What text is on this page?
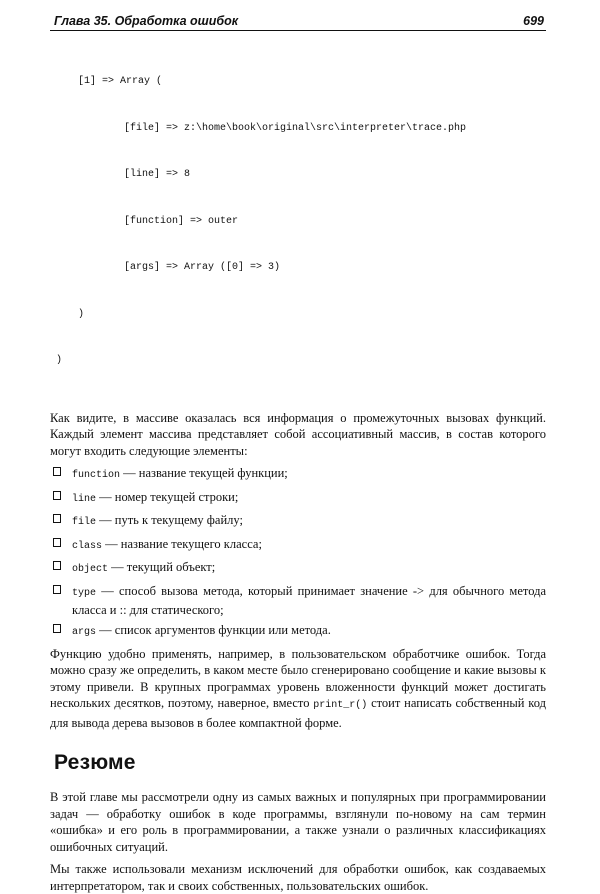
Глава 35. Обработка ошибок	699

[1] => Array (

[file] => z:\home\book\original\src\interpreter\trace.php

[line] => 8

[function] => outer

[args] => Array ([0] => 3)

)

)

Как видите, в массиве оказалась вся информация о промежуточных вызовах функций. Каждый элемент массива представляет собой ассоциативный массив, в состав которого могут входить следующие элементы:

function — название текущей функции;
line — номер текущей строки;
file — путь к текущему файлу;
class — название текущего класса;
object — текущий объект;
type — способ вызова метода, который принимает значение -> для обычного метода класса и :: для статического;
args — список аргументов функции или метода.

Функцию удобно применять, например, в пользовательском обработчике ошибок. Тогда можно сразу же определить, в каком месте было сгенерировано сообщение и какие вызовы к этому привели. В крупных программах уровень вложенности функций может достигать нескольких десятков, поэтому, наверное, вместо print_r() стоит написать собственный код для вывода дерева вызовов в более компактной форме.

Резюме

В этой главе мы рассмотрели одну из самых важных и популярных при программировании задач — обработку ошибок в коде программы, взглянули по-новому на сам термин «ошибка» и его роль в программировании, а также узнали о различных классификациях ошибочных ситуаций.

Мы также использовали механизм исключений для обработки ошибок, как создаваемых интерпретатором, так и своих собственных, пользовательских ошибок.
